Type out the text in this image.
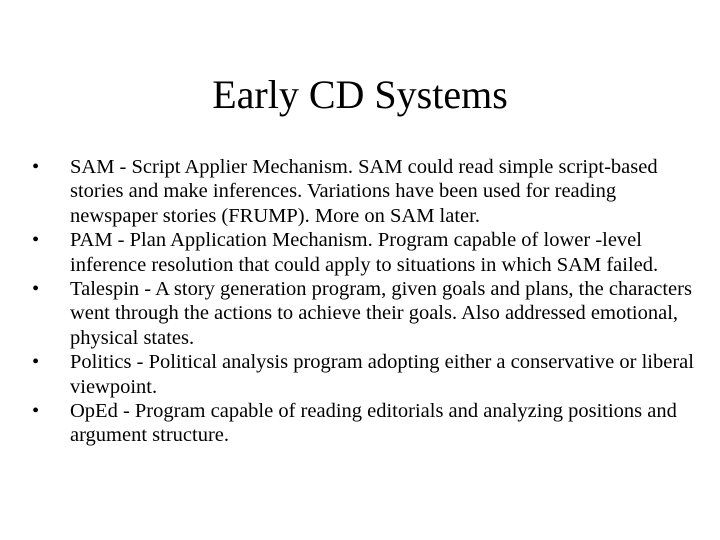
Early CD Systems
•	SAM - Script Applier Mechanism. SAM could read simple script-based stories and make inferences. Variations have been used for reading newspaper stories (FRUMP). More on SAM later.
•	PAM - Plan Application Mechanism. Program capable of lower -level inference resolution that could apply to situations in which SAM failed.
•	Talespin - A story generation program, given goals and plans, the characters went through the actions to achieve their goals. Also addressed emotional, physical states.
•	Politics - Political analysis program adopting either a conservative or liberal viewpoint.
•	OpEd - Program capable of reading editorials and analyzing positions and argument structure.
